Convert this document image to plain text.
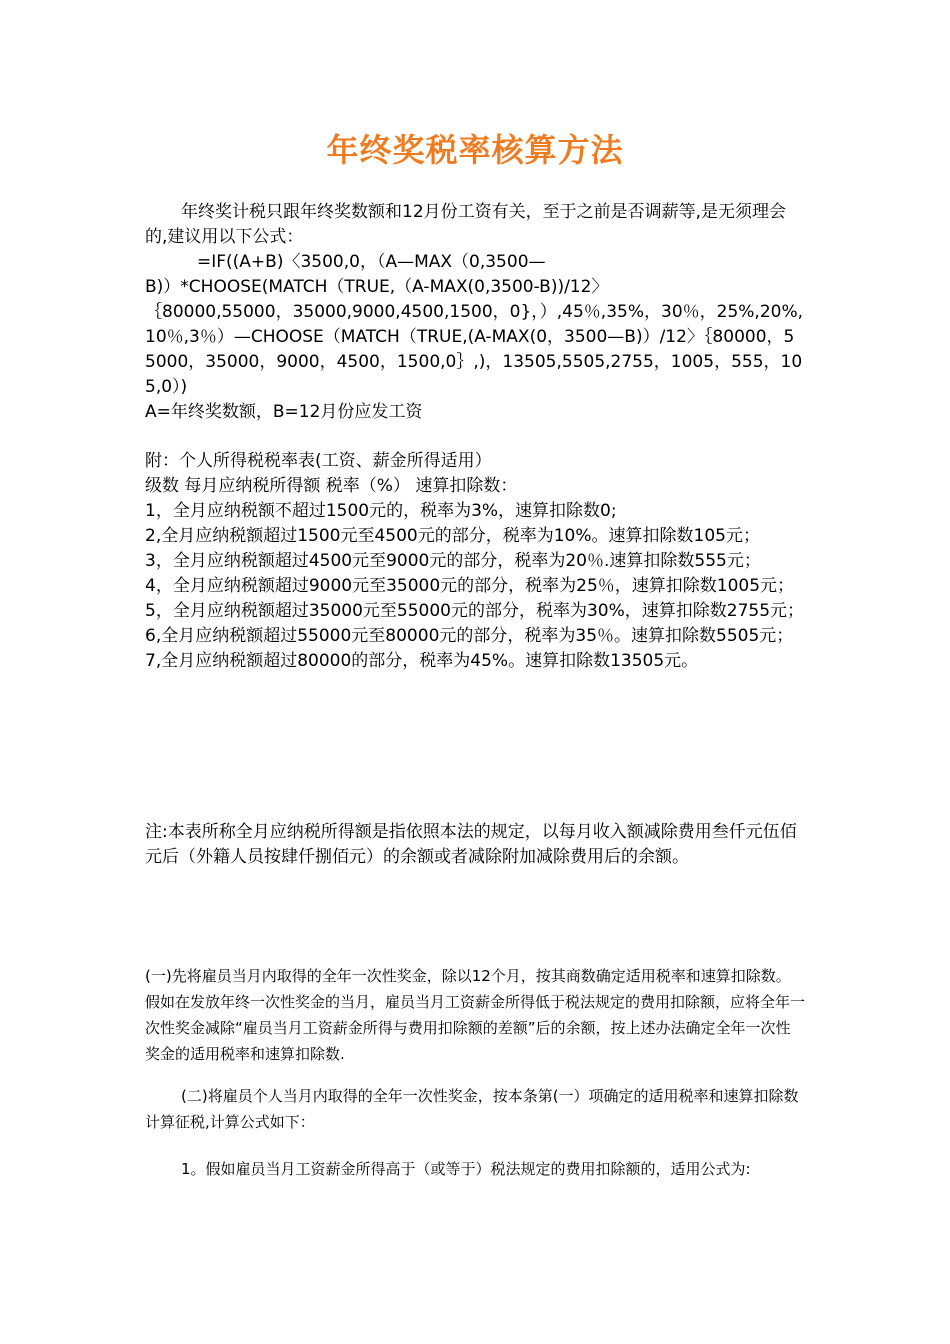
年终奖税率核算方法

年终奖计税只跟年终奖数额和12月份工资有关，至于之前是否调薪等,是无须理会的,建议用以下公式：

=IF((A+B)〈3500,0，（A—MAX（0,3500—

B)）*CHOOSE(MATCH（TRUE,（A-MAX(0,3500-B))/12〉

｛80000,55000，35000,9000,4500,1500，0}，）,45％,35%，30％，25%,20%,10％,3％）—CHOOSE（MATCH（TRUE,(A-MAX(0，3500—B)）/12〉｛80000，55000，35000，9000，4500，1500,0｝,)，13505,5505,2755，1005，555，105,0）)

A=年终奖数额，B=12月份应发工资

附：个人所得税税率表(工资、薪金所得适用）

级数 每月应纳税所得额 税率（%） 速算扣除数：

1，全月应纳税额不超过1500元的，税率为3%，速算扣除数0;

2,全月应纳税额超过1500元至4500元的部分，税率为10%。速算扣除数105元；

3，全月应纳税额超过4500元至9000元的部分，税率为20％.速算扣除数555元；

4，全月应纳税额超过9000元至35000元的部分，税率为25％，速算扣除数1005元；

5，全月应纳税额超过35000元至55000元的部分，税率为30%，速算扣除数2755元；

6,全月应纳税额超过55000元至80000元的部分，税率为35％。速算扣除数5505元；

7,全月应纳税额超过80000的部分，税率为45%。速算扣除数13505元。

注:本表所称全月应纳税所得额是指依照本法的规定，以每月收入额减除费用叁仟元伍佰元后（外籍人员按肆仟捌佰元）的余额或者减除附加减除费用后的余额。

(一)先将雇员当月内取得的全年一次性奖金，除以12个月，按其商数确定适用税率和速算扣除数。假如在发放年终一次性奖金的当月，雇员当月工资薪金所得低于税法规定的费用扣除额，应将全年一次性奖金减除“雇员当月工资薪金所得与费用扣除额的差额”后的余额，按上述办法确定全年一次性奖金的适用税率和速算扣除数.

(二)将雇员个人当月内取得的全年一次性奖金，按本条第(一）项确定的适用税率和速算扣除数计算征税,计算公式如下：

1。假如雇员当月工资薪金所得高于（或等于）税法规定的费用扣除额的，适用公式为:
